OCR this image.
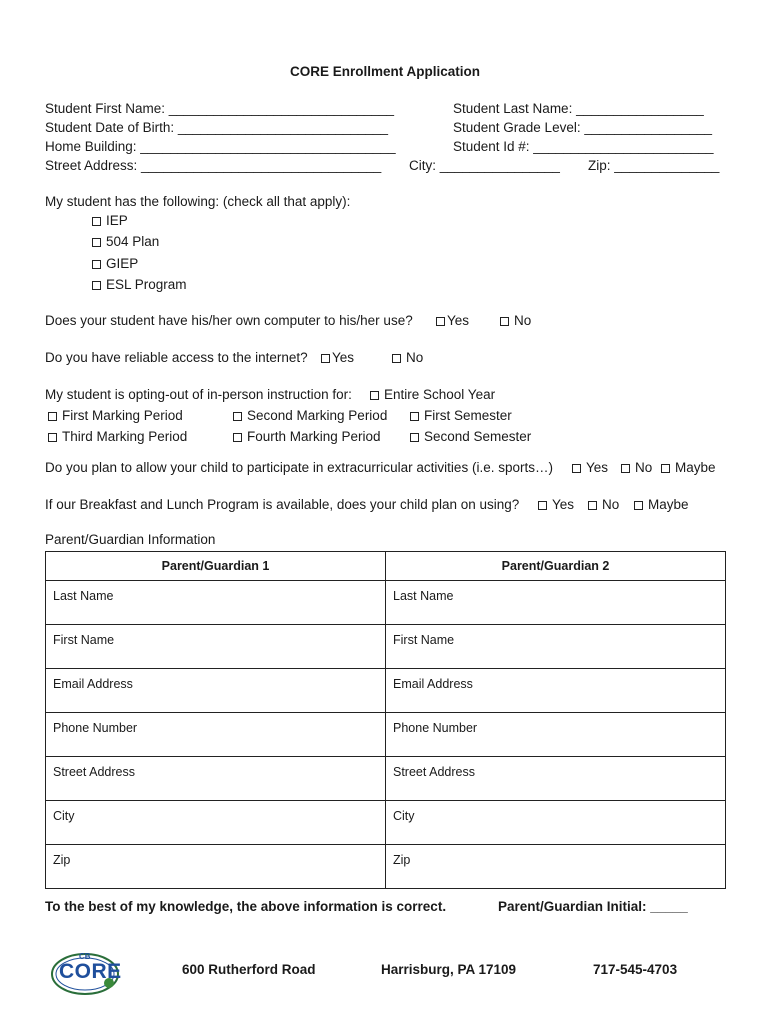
CORE Enrollment Application
Student First Name: ______________________________	Student Last Name: _________________
Student Date of Birth: ____________________________	Student Grade Level: _________________
Home Building: __________________________________	Student Id #: ________________________
Street Address: ________________________________ City: ________________ Zip: ______________
My student has the following: (check all that apply):
IEP
504 Plan
GIEP
ESL Program
Does your student have his/her own computer to his/her use?	Yes	No
Do you have reliable access to the internet? Yes	No
My student is opting-out of in-person instruction for: Entire School Year
First Marking Period	Second Marking Period	First Semester
Third Marking Period	Fourth Marking Period	Second Semester
Do you plan to allow your child to participate in extracurricular activities (i.e. sports…) Yes No Maybe
If our Breakfast and Lunch Program is available, does your child plan on using? Yes No Maybe
Parent/Guardian Information
Parent/Guardian 1	Parent/Guardian 2
Last Name	Last Name
First Name	First Name
Email Address	Email Address
Phone Number	Phone Number
Street Address	Street Address
City	City
Zip	Zip
To the best of my knowledge, the above information is correct.	Parent/Guardian Initial: _____
CB
CORE	600 Rutherford Road	Harrisburg, PA 17109	717-545-4703
